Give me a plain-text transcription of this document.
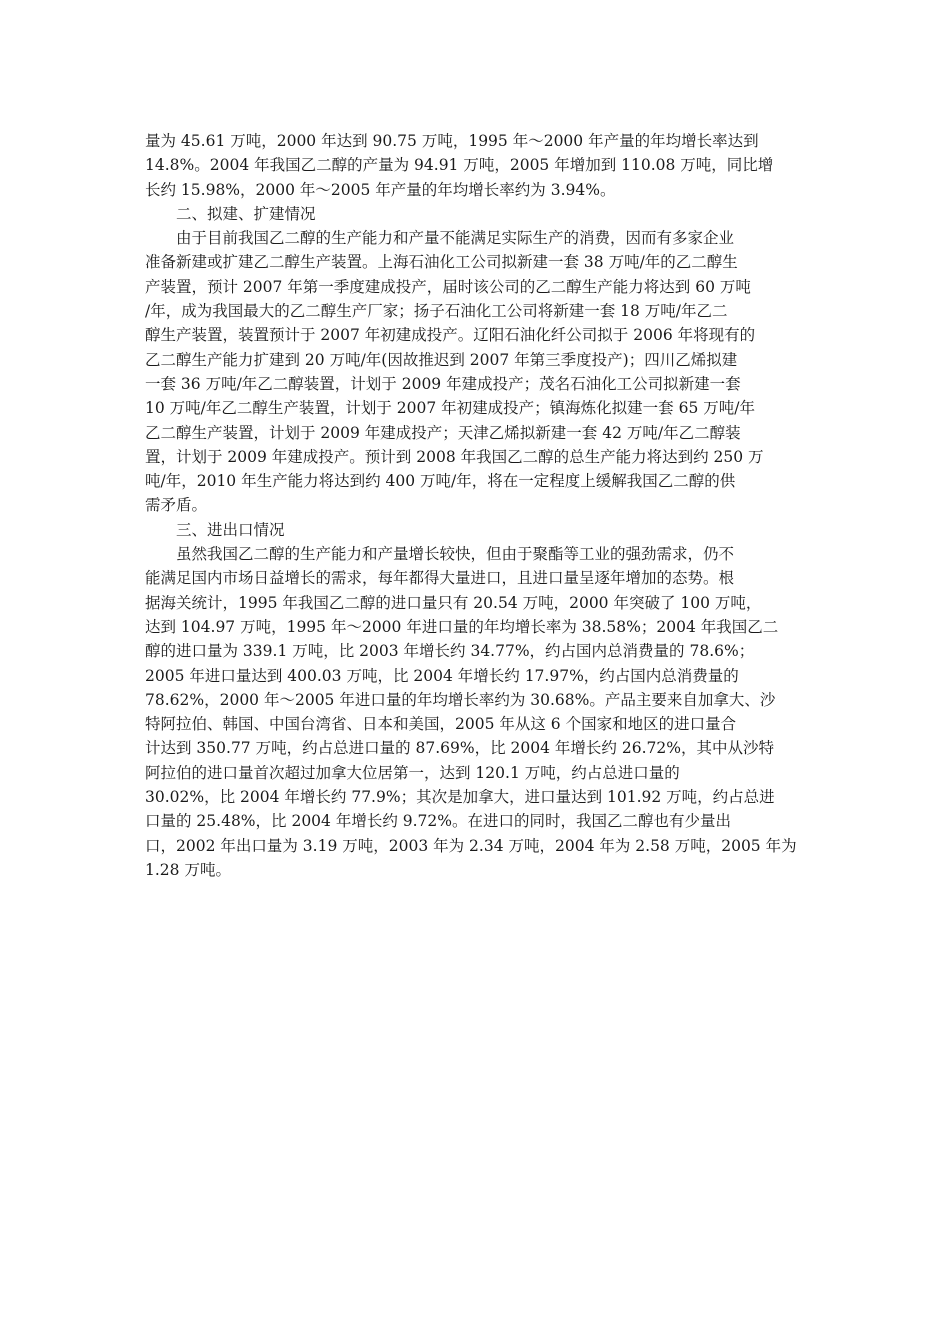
量为 45.61 万吨，2000 年达到 90.75 万吨，1995 年～2000 年产量的年均增长率达到
14.8%。2004 年我国乙二醇的产量为 94.91 万吨，2005 年增加到 110.08 万吨，同比增
长约 15.98%，2000 年～2005 年产量的年均增长率约为 3.94%。
二、拟建、扩建情况
由于目前我国乙二醇的生产能力和产量不能满足实际生产的消费，因而有多家企业
准备新建或扩建乙二醇生产装置。上海石油化工公司拟新建一套 38 万吨/年的乙二醇生
产装置，预计 2007 年第一季度建成投产，届时该公司的乙二醇生产能力将达到 60 万吨
/年，成为我国最大的乙二醇生产厂家；扬子石油化工公司将新建一套 18 万吨/年乙二
醇生产装置，装置预计于 2007 年初建成投产。辽阳石油化纤公司拟于 2006 年将现有的
乙二醇生产能力扩建到 20 万吨/年(因故推迟到 2007 年第三季度投产)；四川乙烯拟建
一套 36 万吨/年乙二醇装置，计划于 2009 年建成投产；茂名石油化工公司拟新建一套
10 万吨/年乙二醇生产装置，计划于 2007 年初建成投产；镇海炼化拟建一套 65 万吨/年
乙二醇生产装置，计划于 2009 年建成投产；天津乙烯拟新建一套 42 万吨/年乙二醇装
置，计划于 2009 年建成投产。预计到 2008 年我国乙二醇的总生产能力将达到约 250 万
吨/年，2010 年生产能力将达到约 400 万吨/年，将在一定程度上缓解我国乙二醇的供
需矛盾。
三、进出口情况
虽然我国乙二醇的生产能力和产量增长较快，但由于聚酯等工业的强劲需求，仍不
能满足国内市场日益增长的需求，每年都得大量进口，且进口量呈逐年增加的态势。根
据海关统计，1995 年我国乙二醇的进口量只有 20.54 万吨，2000 年突破了 100 万吨，
达到 104.97 万吨，1995 年～2000 年进口量的年均增长率为 38.58%；2004 年我国乙二
醇的进口量为 339.1 万吨，比 2003 年增长约 34.77%，约占国内总消费量的 78.6%；
2005 年进口量达到 400.03 万吨，比 2004 年增长约 17.97%，约占国内总消费量的
78.62%，2000 年～2005 年进口量的年均增长率约为 30.68%。产品主要来自加拿大、沙
特阿拉伯、韩国、中国台湾省、日本和美国，2005 年从这 6 个国家和地区的进口量合
计达到 350.77 万吨，约占总进口量的 87.69%，比 2004 年增长约 26.72%，其中从沙特
阿拉伯的进口量首次超过加拿大位居第一，达到 120.1 万吨，约占总进口量的
30.02%，比 2004 年增长约 77.9%；其次是加拿大，进口量达到 101.92 万吨，约占总进
口量的 25.48%，比 2004 年增长约 9.72%。在进口的同时，我国乙二醇也有少量出
口，2002 年出口量为 3.19 万吨，2003 年为 2.34 万吨，2004 年为 2.58 万吨，2005 年为
1.28 万吨。
